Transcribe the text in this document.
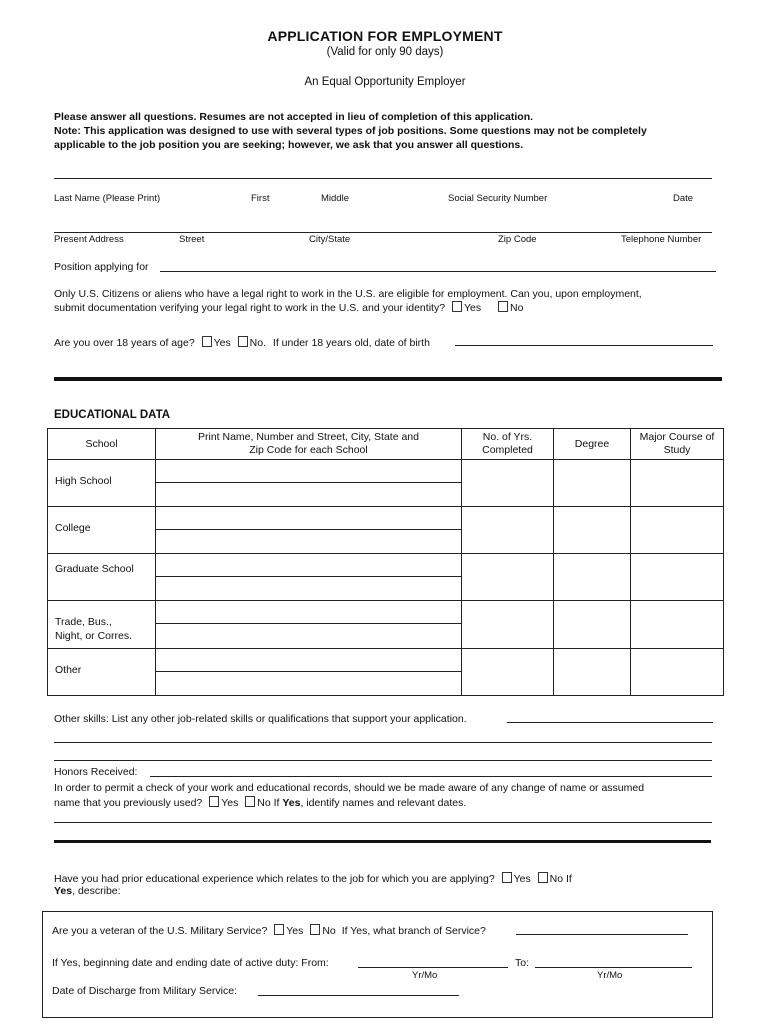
APPLICATION FOR EMPLOYMENT
(Valid for only 90 days)
An Equal Opportunity Employer
Please answer all questions. Resumes are not accepted in lieu of completion of this application.
Note: This application was designed to use with several types of job positions. Some questions may not be completely
applicable to the job position you are seeking; however, we ask that you answer all questions.
Last Name (Please Print)	First	Middle	Social Security Number	Date
Present Address	Street	City/State	Zip Code	Telephone Number
Position applying for
Only U.S. Citizens or aliens who have a legal right to work in the U.S. are eligible for employment. Can you, upon employment,
submit documentation verifying your legal right to work in the U.S. and your identity? Yes	No
Are you over 18 years of age? Yes No. If under 18 years old, date of birth
EDUCATIONAL DATA
School	Print Name, Number and Street, City, State and Zip Code for each School	No. of Yrs. Completed	Degree	Major Course of Study

High School	

College	

Graduate School	

Trade, Bus., Night, or Corres.	

Other	

Other skills: List any other job-related skills or qualifications that support your application.
Honors Received:
In order to permit a check of your work and educational records, should we be made aware of any change of name or assumed
name that you previously used? Yes No If Yes, identify names and relevant dates.
Have you had prior educational experience which relates to the job for which you are applying? Yes No If
Yes, describe:
Are you a veteran of the U.S. Military Service? Yes No If Yes, what branch of Service?
If Yes, beginning date and ending date of active duty: From:	To:
Yr/Mo	Yr/Mo
Date of Discharge from Military Service:
